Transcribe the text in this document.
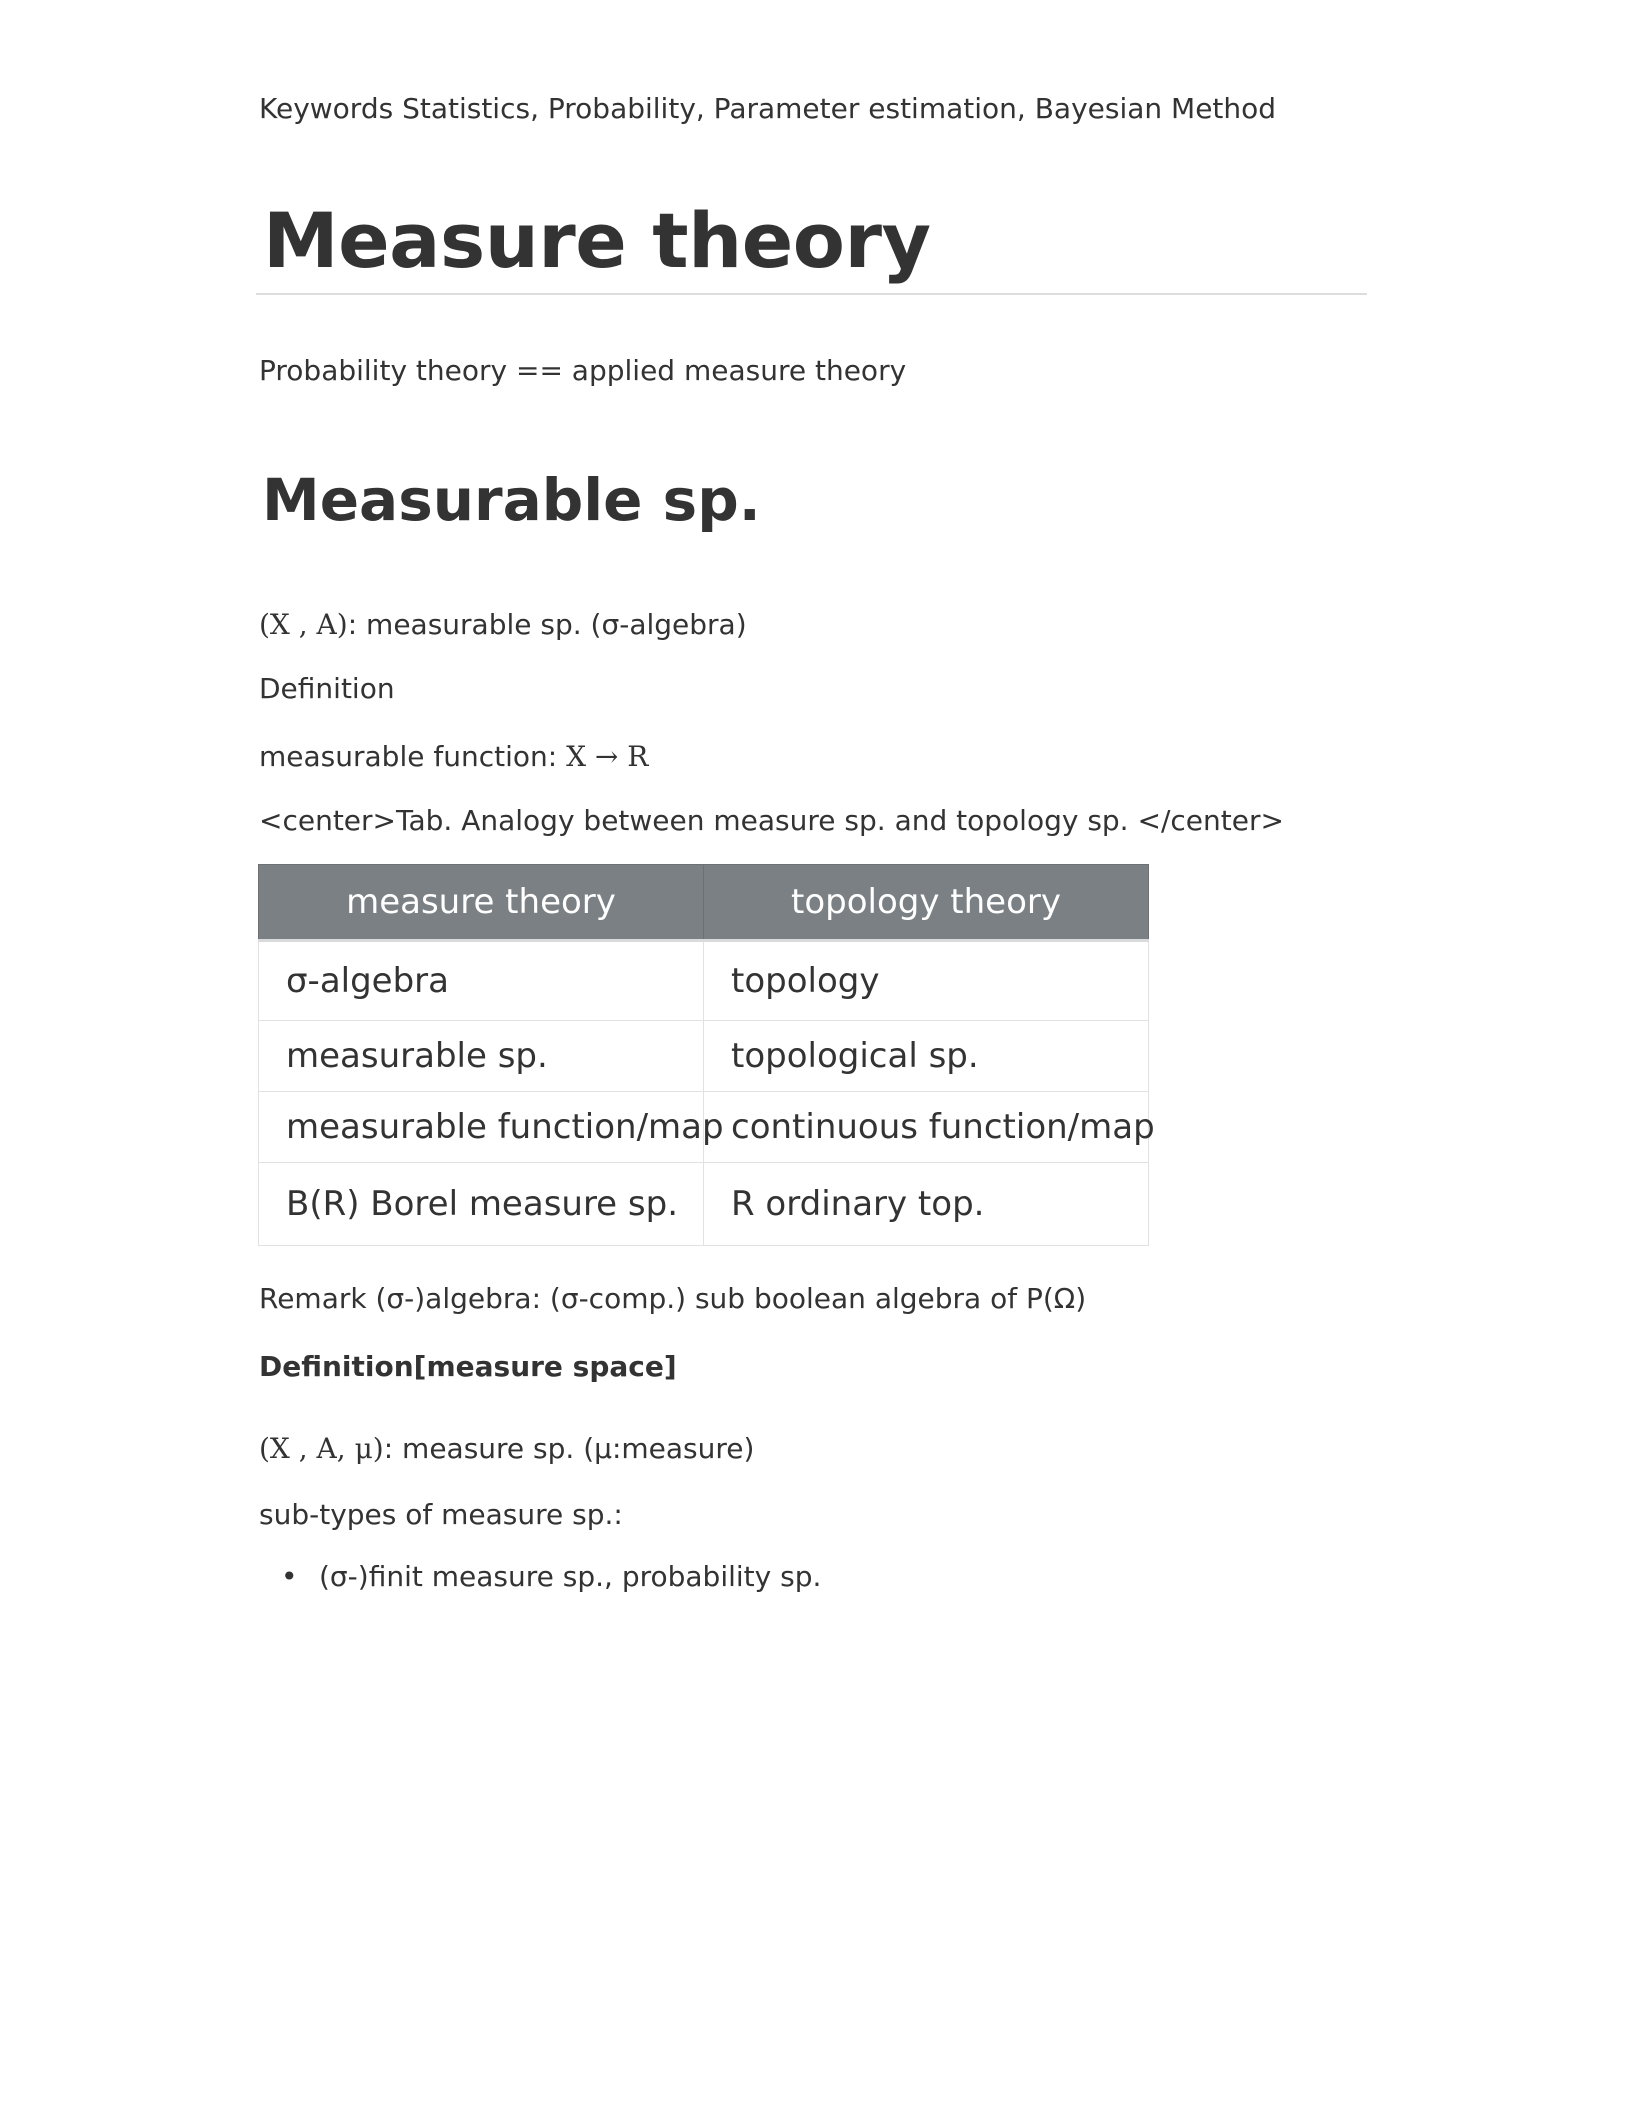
Keywords Statistics, Probability, Parameter estimation, Bayesian Method
Measure theory
Probability theory == applied measure theory
Measurable sp.
(X , A): measurable sp. (σ-algebra)
Definition
measurable function: X → R
<center>Tab. Analogy between measure sp. and topology sp. </center>
measure theory	topology theory
σ-algebra	topology
measurable sp.	topological sp.
measurable function/map	continuous function/map
B(R) Borel measure sp.	R ordinary top.
Remark (σ-)algebra: (σ-comp.) sub boolean algebra of P(Ω)
Definition[measure space]
(X , A, μ): measure sp. (μ:measure)
sub-types of measure sp.:
• (σ-)finit measure sp., probability sp.
